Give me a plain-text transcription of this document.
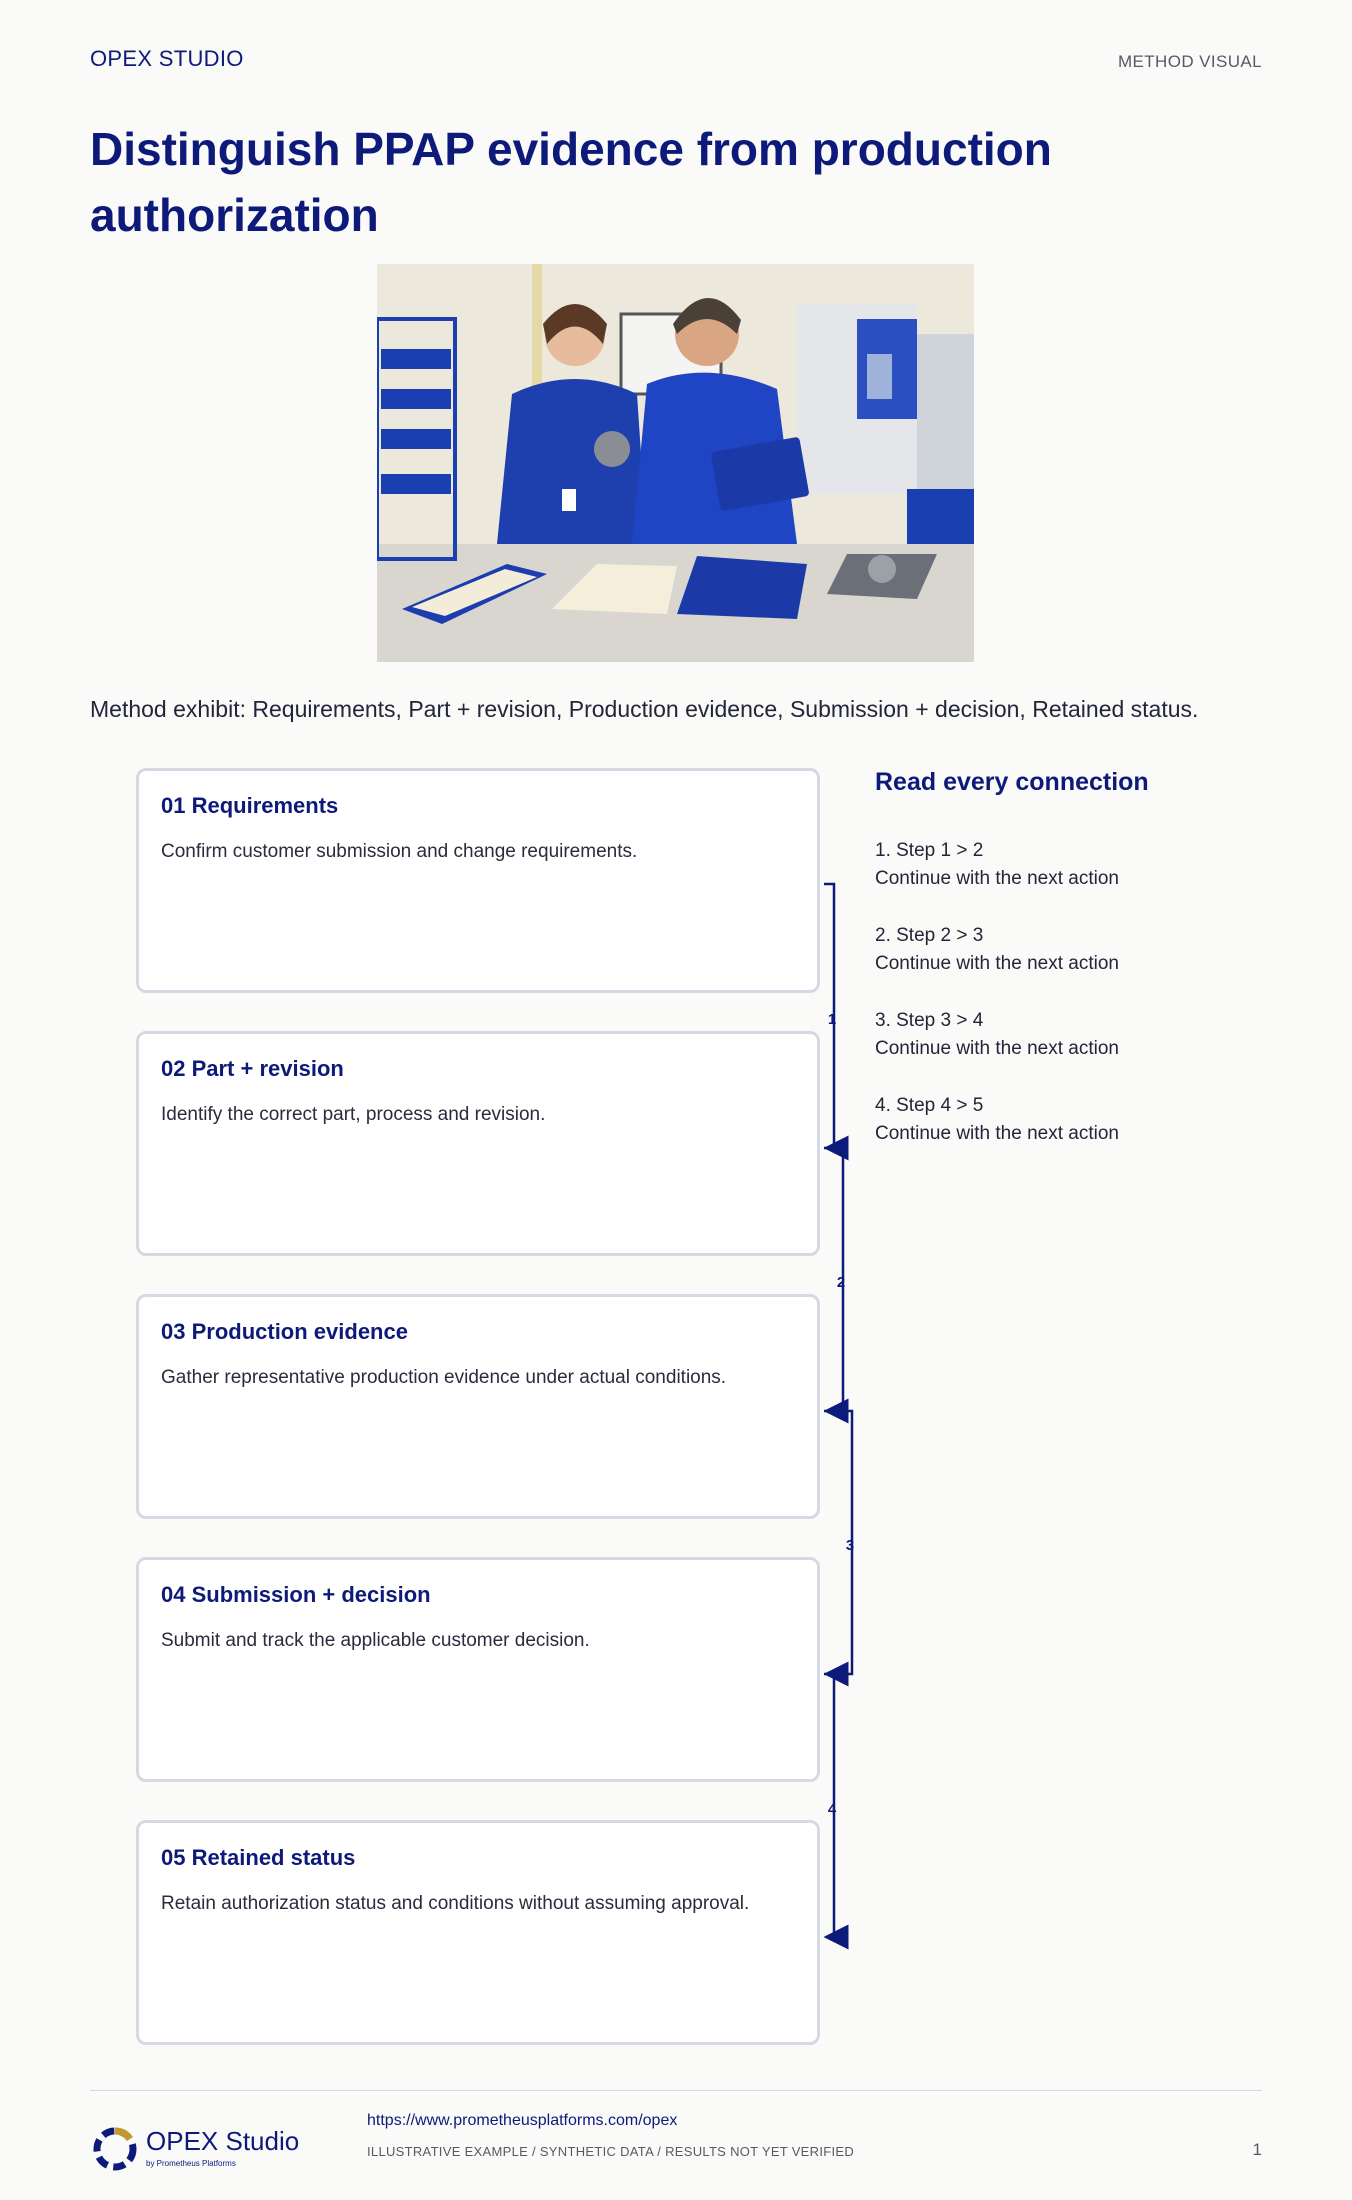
OPEX STUDIO	METHOD VISUAL
Distinguish PPAP evidence from production authorization
Method exhibit: Requirements, Part + revision, Production evidence, Submission + decision, Retained status.
01 Requirements
Confirm customer submission and change requirements.
02 Part + revision
Identify the correct part, process and revision.
03 Production evidence
Gather representative production evidence under actual conditions.
04 Submission + decision
Submit and track the applicable customer decision.
05 Retained status
Retain authorization status and conditions without assuming approval.
1
2
3
4
Read every connection
1. Step 1 > 2
Continue with the next action
2. Step 2 > 3
Continue with the next action
3. Step 3 > 4
Continue with the next action
4. Step 4 > 5
Continue with the next action
OPEX Studio
by Prometheus Platforms
https://www.prometheusplatforms.com/opex
ILLUSTRATIVE EXAMPLE / SYNTHETIC DATA / RESULTS NOT YET VERIFIED	1
